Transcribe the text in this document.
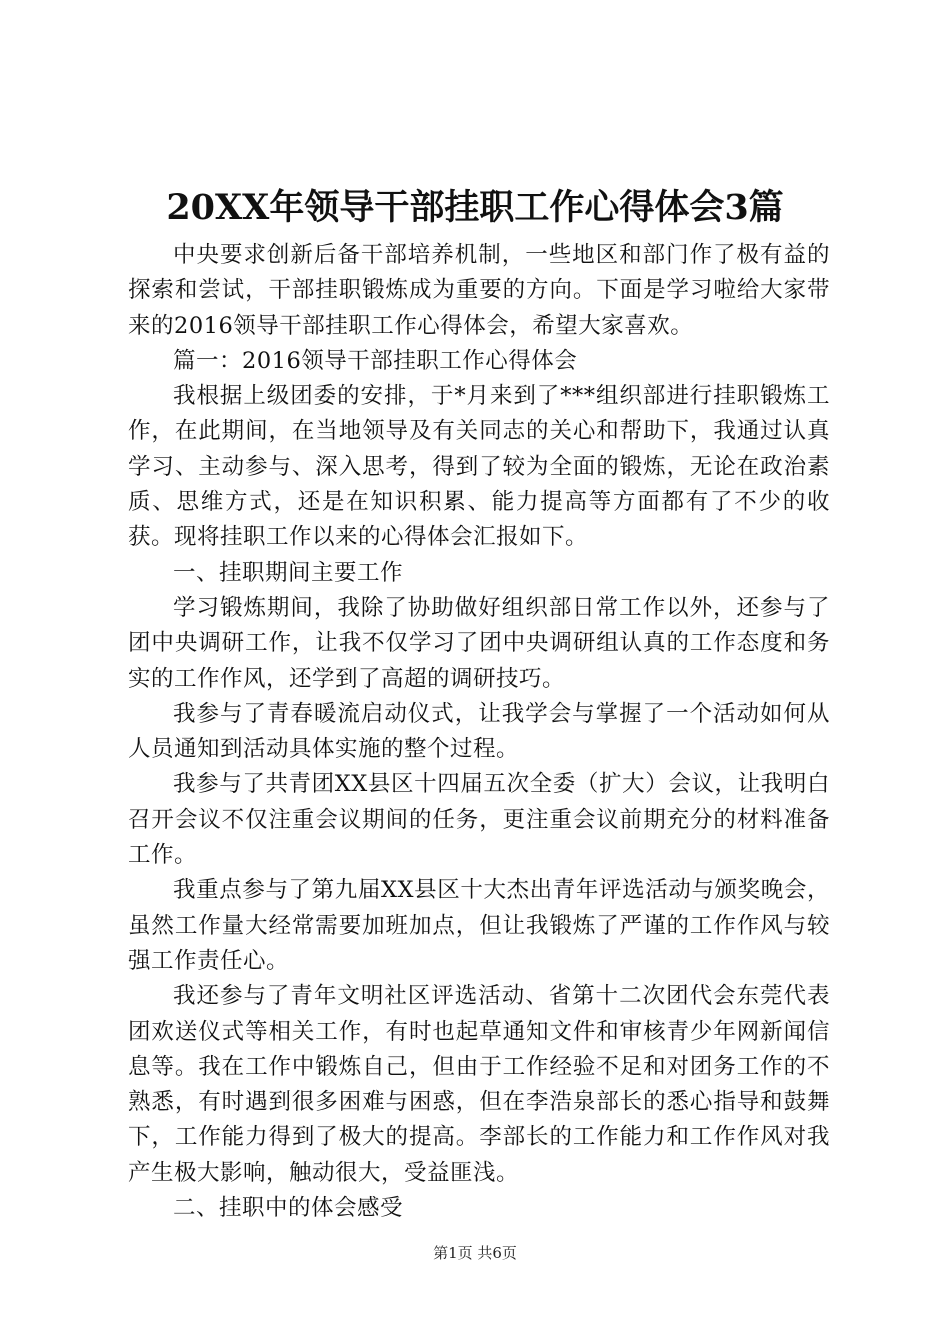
20XX年领导干部挂职工作心得体会3篇

中央要求创新后备干部培养机制，一些地区和部门作了极有益的探索和尝试，干部挂职锻炼成为重要的方向。下面是学习啦给大家带来的2016领导干部挂职工作心得体会，希望大家喜欢。

篇一：2016领导干部挂职工作心得体会

我根据上级团委的安排，于*月来到了***组织部进行挂职锻炼工作，在此期间，在当地领导及有关同志的关心和帮助下，我通过认真学习、主动参与、深入思考，得到了较为全面的锻炼，无论在政治素质、思维方式，还是在知识积累、能力提高等方面都有了不少的收获。现将挂职工作以来的心得体会汇报如下。

一、挂职期间主要工作

学习锻炼期间，我除了协助做好组织部日常工作以外，还参与了团中央调研工作，让我不仅学习了团中央调研组认真的工作态度和务实的工作作风，还学到了高超的调研技巧。

我参与了青春暖流启动仪式，让我学会与掌握了一个活动如何从人员通知到活动具体实施的整个过程。

我参与了共青团XX县区十四届五次全委（扩大）会议，让我明白召开会议不仅注重会议期间的任务，更注重会议前期充分的材料准备工作。

我重点参与了第九届XX县区十大杰出青年评选活动与颁奖晚会，虽然工作量大经常需要加班加点，但让我锻炼了严谨的工作作风与较强工作责任心。

我还参与了青年文明社区评选活动、省第十二次团代会东莞代表团欢送仪式等相关工作，有时也起草通知文件和审核青少年网新闻信息等。我在工作中锻炼自己，但由于工作经验不足和对团务工作的不熟悉，有时遇到很多困难与困惑，但在李浩泉部长的悉心指导和鼓舞下，工作能力得到了极大的提高。李部长的工作能力和工作作风对我产生极大影响，触动很大，受益匪浅。

二、挂职中的体会感受

第1页 共6页
